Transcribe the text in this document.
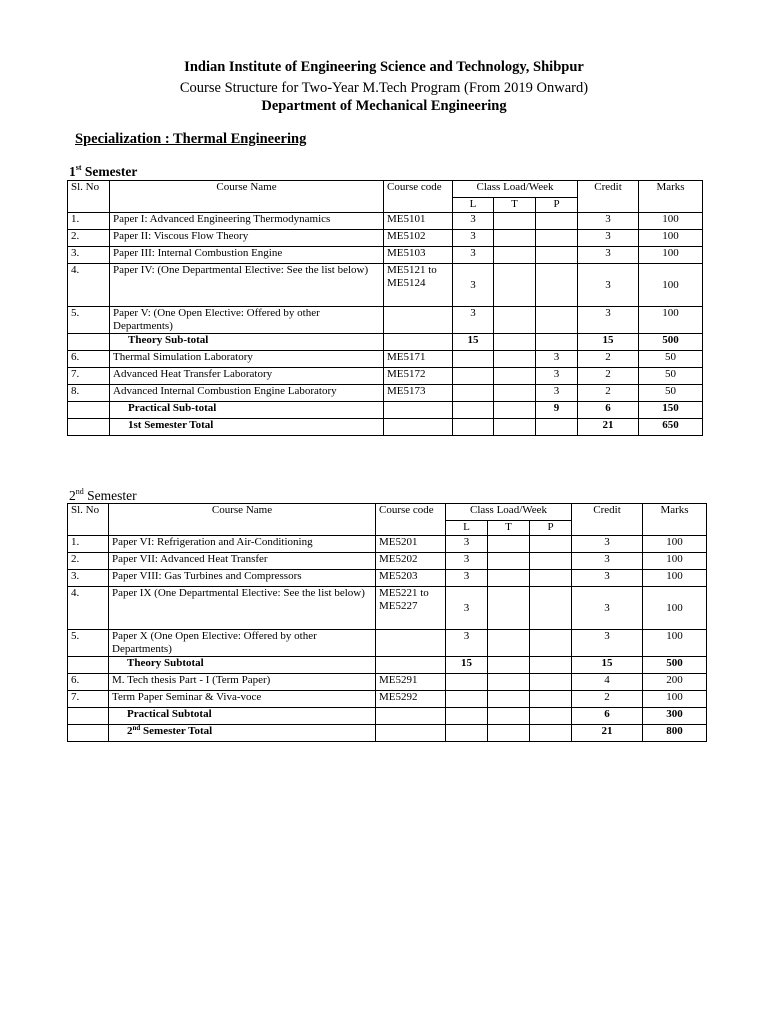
Indian Institute of Engineering Science and Technology, Shibpur
Course Structure for Two-Year M.Tech Program (From 2019 Onward)
Department of Mechanical Engineering
Specialization : Thermal Engineering
1st Semester
Sl. No	Course Name	Course code	Class Load/Week			Credit	Marks
			L	T	P		
1.	Paper I: Advanced Engineering Thermodynamics	ME5101	3			3	100
2.	Paper II: Viscous Flow Theory	ME5102	3			3	100
3.	Paper III: Internal Combustion Engine	ME5103	3			3	100
4.	Paper IV: (One Departmental Elective: See the list below)	ME5121 to ME5124	3			3	100
5.	Paper V: (One Open Elective: Offered by other Departments)		3			3	100
	Theory Sub-total		15			15	500
6.	Thermal Simulation Laboratory	ME5171			3	2	50
7.	Advanced Heat Transfer Laboratory	ME5172			3	2	50
8.	Advanced Internal Combustion Engine Laboratory	ME5173			3	2	50
	Practical Sub-total				9	6	150
	1st Semester Total					21	650
2nd Semester
Sl. No	Course Name	Course code	Class Load/Week			Credit	Marks
			L	T	P		
1.	Paper VI: Refrigeration and Air-Conditioning	ME5201	3			3	100
2.	Paper VII: Advanced Heat Transfer	ME5202	3			3	100
3.	Paper VIII: Gas Turbines and Compressors	ME5203	3			3	100
4.	Paper IX (One Departmental Elective: See the list below)	ME5221 to ME5227	3			3	100
5.	Paper X (One Open Elective: Offered by other Departments)		3			3	100
	Theory Subtotal		15			15	500
6.	M. Tech thesis Part - I (Term Paper)	ME5291				4	200
7.	Term Paper Seminar & Viva-voce	ME5292				2	100
	Practical Subtotal					6	300
	2nd Semester Total					21	800
